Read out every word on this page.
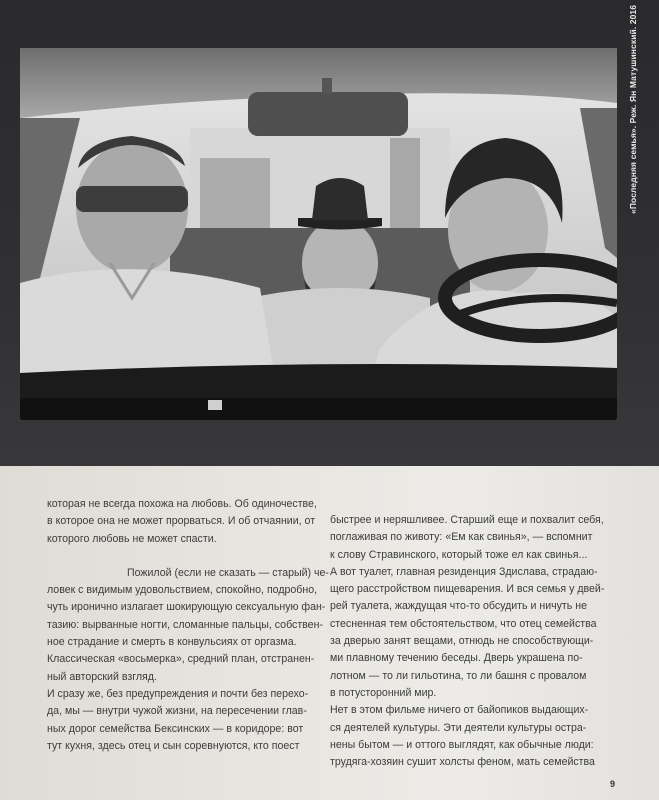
«Последняя семья». Реж. Ян Матушинский. 2016

которая не всегда похожа на любовь. Об одиночестве,

в которое она не может прорваться. И об отчаянии, от

которого любовь не может спасти.

Пожилой (если не сказать — старый) че-

ловек с видимым удовольствием, спокойно, подробно,

чуть иронично излагает шокирующую сексуальную фан-

тазию: вырванные ногти, сломанные пальцы, собствен-

ное страдание и смерть в конвульсиях от оргазма.

Классическая «восьмерка», средний план, отстранен-

ный авторский взгляд.

И сразу же, без предупреждения и почти без перехо-

да, мы — внутри чужой жизни, на пересечении глав-

ных дорог семейства Бексинских — в коридоре: вот

тут кухня, здесь отец и сын соревнуются, кто поест

быстрее и неряшливее. Старший еще и похвалит себя,

поглаживая по животу: «Ем как свинья», — вспомнит

к слову Стравинского, который тоже ел как свинья...

А вот туалет, главная резиденция Здислава, страдаю-

щего расстройством пищеварения. И вся семья у двей-

рей туалета, жаждущая что-то обсудить и ничуть не

стесненная тем обстоятельством, что отец семейства

за дверью занят вещами, отнюдь не способствующи-

ми плавному течению беседы. Дверь украшена по-

лотном — то ли гильотина, то ли башня с провалом

в потусторонний мир.

Нет в этом фильме ничего от байопиков выдающих-

ся деятелей культуры. Эти деятели культуры остра-

нены бытом — и оттого выглядят, как обычные люди:

трудяга-хозяин сушит холсты феном, мать семейства

9
